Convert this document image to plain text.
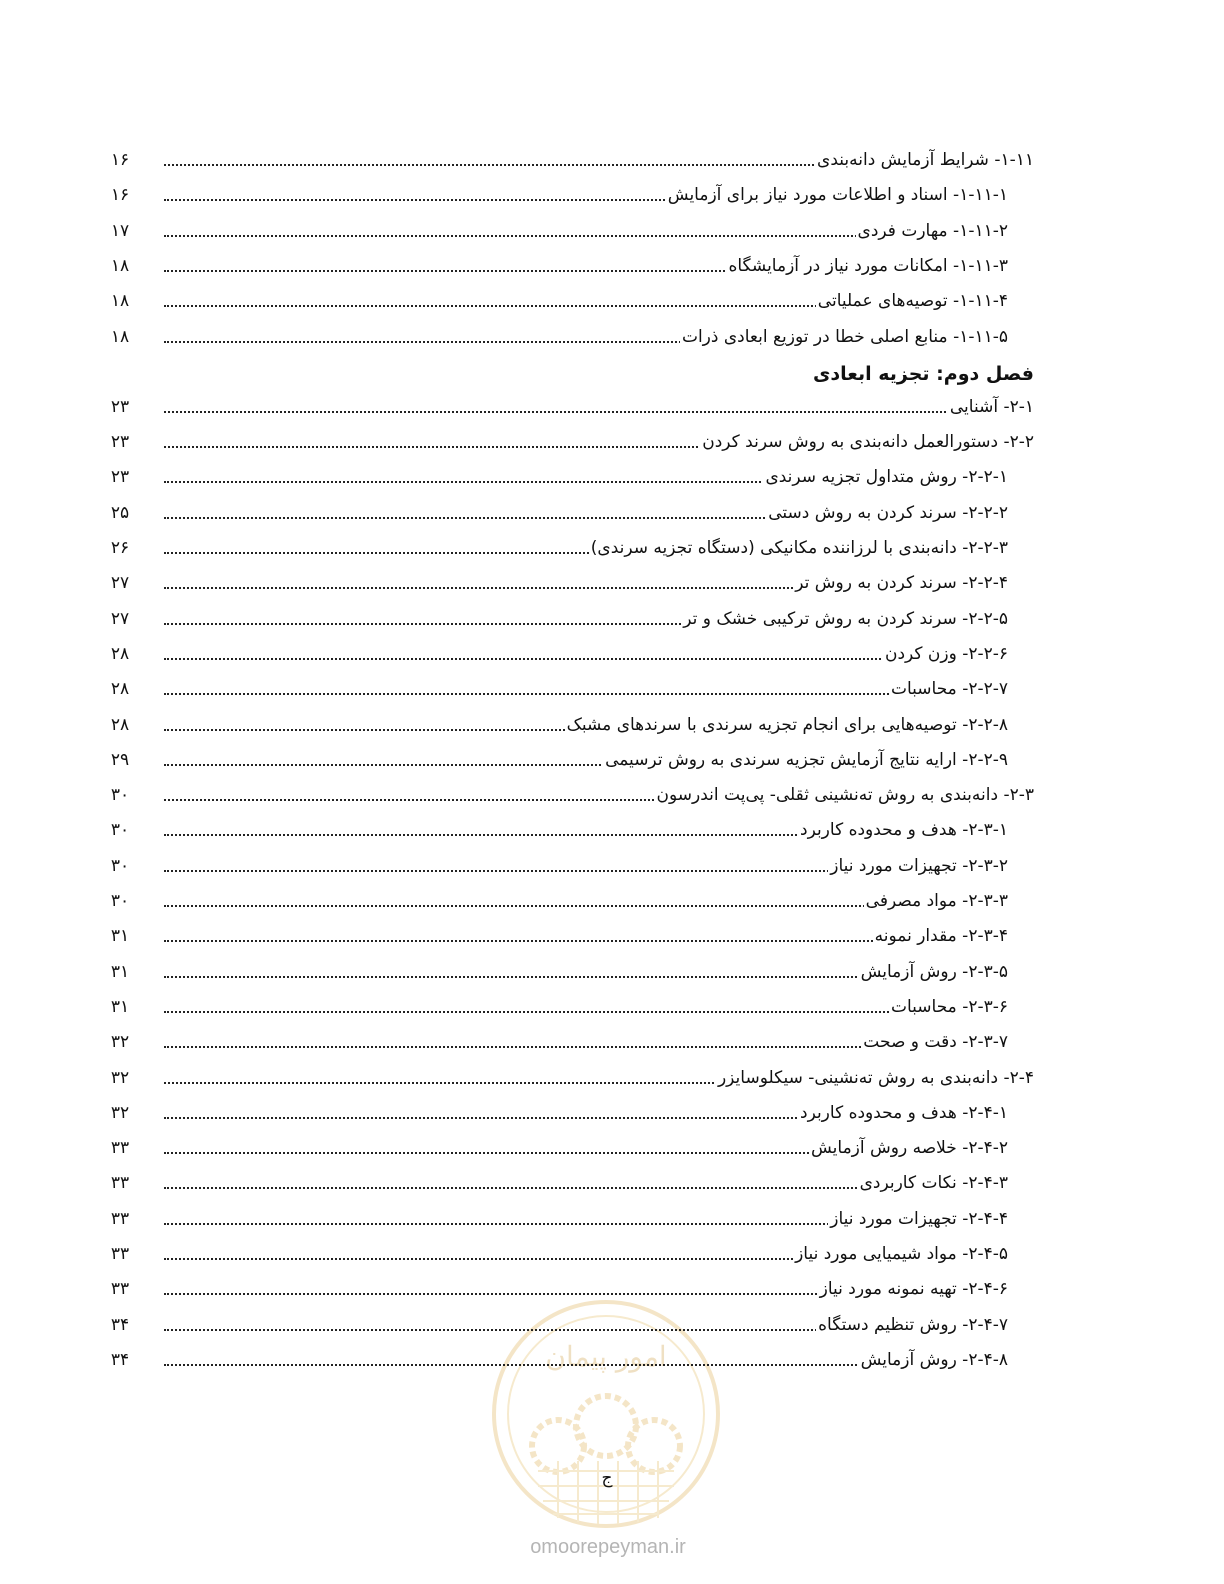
۱-۱۱- شرایط آزمایش دانه‌بندی
۱۶
۱-۱۱-۱- اسناد و اطلاعات مورد نیاز برای آزمایش
۱۶
۱-۱۱-۲- مهارت فردی
۱۷
۱-۱۱-۳- امکانات مورد نیاز در آزمایشگاه
۱۸
۱-۱۱-۴- توصیه‌های عملیاتی
۱۸
۱-۱۱-۵- منابع اصلی خطا در توزیع ابعادی ذرات
۱۸
فصل دوم: تجزیه ابعادی
۲-۱- آشنایی
۲۳
۲-۲- دستورالعمل دانه‌بندی به روش سرند کردن
۲۳
۲-۲-۱- روش متداول تجزیه سرندی
۲۳
۲-۲-۲- سرند کردن به روش دستی
۲۵
۲-۲-۳- دانه‌بندی با لرزاننده مکانیکی (دستگاه تجزیه سرندی)
۲۶
۲-۲-۴- سرند کردن به روش تر
۲۷
۲-۲-۵- سرند کردن به روش ترکیبی خشک و تر
۲۷
۲-۲-۶- وزن کردن
۲۸
۲-۲-۷- محاسبات
۲۸
۲-۲-۸- توصیه‌هایی برای انجام تجزیه سرندی با سرندهای مشبک
۲۸
۲-۲-۹- ارایه نتایج آزمایش تجزیه سرندی به روش ترسیمی
۲۹
۲-۳- دانه‌بندی به روش ته‌نشینی ثقلی- پی‌پت اندرسون
۳۰
۲-۳-۱- هدف و محدوده کاربرد
۳۰
۲-۳-۲- تجهیزات مورد نیاز
۳۰
۲-۳-۳- مواد مصرفی
۳۰
۲-۳-۴- مقدار نمونه
۳۱
۲-۳-۵- روش آزمایش
۳۱
۲-۳-۶- محاسبات
۳۱
۲-۳-۷- دقت و صحت
۳۲
۲-۴- دانه‌بندی به روش ته‌نشینی- سیکلوسایزر
۳۲
۲-۴-۱- هدف و محدوده کاربرد
۳۲
۲-۴-۲- خلاصه روش آزمایش
۳۳
۲-۴-۳- نکات کاربردی
۳۳
۲-۴-۴- تجهیزات مورد نیاز
۳۳
۲-۴-۵- مواد شیمیایی مورد نیاز
۳۳
۲-۴-۶- تهیه نمونه مورد نیاز
۳۳
۲-۴-۷- روش تنظیم دستگاه
۳۴
۲-۴-۸- روش آزمایش
۳۴	امور پیمان
ج
omoorepeyman.ir
